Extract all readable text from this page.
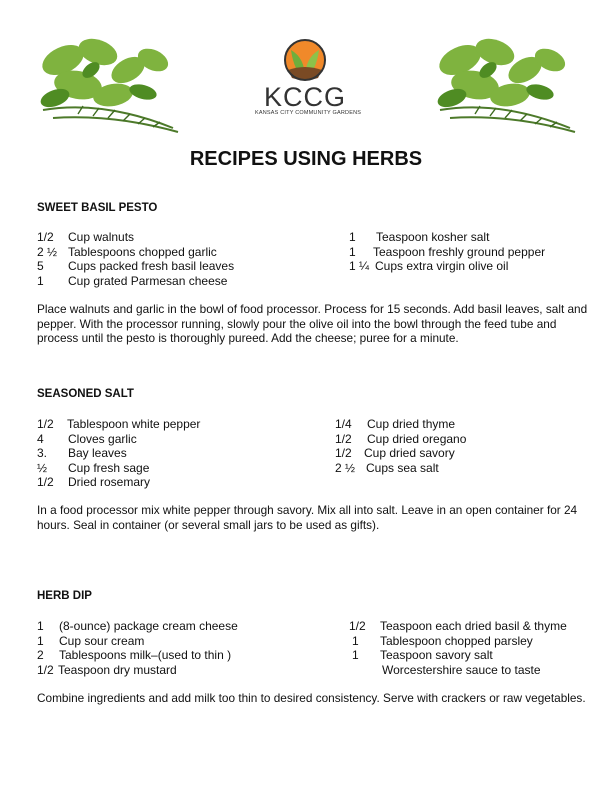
KCCG
KANSAS CITY COMMUNITY GARDENS
RECIPES USING HERBS
SWEET BASIL PESTO
1/2	Cup walnuts
2 ½ Tablespoons chopped garlic
5	Cups packed fresh basil leaves
1	Cup grated Parmesan cheese
1	Teaspoon kosher salt
1	Teaspoon freshly ground pepper
1 ¼ Cups extra virgin olive oil
Place walnuts and garlic in the bowl of food processor. Process for 15 seconds. Add basil leaves, salt and pepper. With the processor running, slowly pour the olive oil into the bowl through the feed tube and process until the pesto is thoroughly pureed. Add the cheese; puree for a minute.
SEASONED SALT
1/2	Tablespoon white pepper
4	Cloves garlic
3.	Bay leaves
½	Cup fresh sage
1/2	Dried rosemary
1/4	Cup dried thyme
1/2	Cup dried oregano
1/2	Cup dried savory
2 ½ Cups sea salt
In a food processor mix white pepper through savory. Mix all into salt. Leave in an open container for 24 hours. Seal in container (or several small jars to be used as gifts).
HERB DIP
1	(8-ounce) package cream cheese
1	Cup sour cream
2	Tablespoons milk–(used to thin )
1/2 Teaspoon dry mustard
1/2	Teaspoon each dried basil & thyme
1	Tablespoon chopped parsley
1	Teaspoon savory salt
Worcestershire sauce to taste
Combine ingredients and add milk too thin to desired consistency. Serve with crackers or raw vegetables.
